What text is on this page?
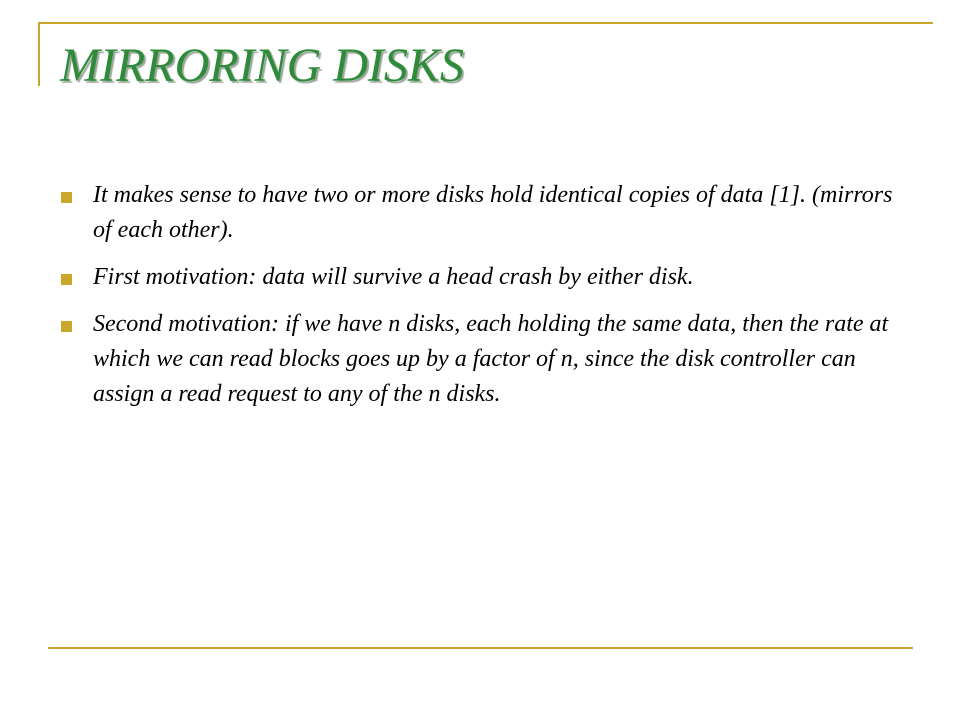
MIRRORING DISKS
It makes sense to have two or more disks hold identical copies of data [1]. (mirrors of each other).
First motivation: data will survive a head crash by either disk.
Second motivation: if we have n disks, each holding the same data, then the rate at which we can read blocks goes up by a factor of n, since the disk controller can assign a read request to any of the n disks.
